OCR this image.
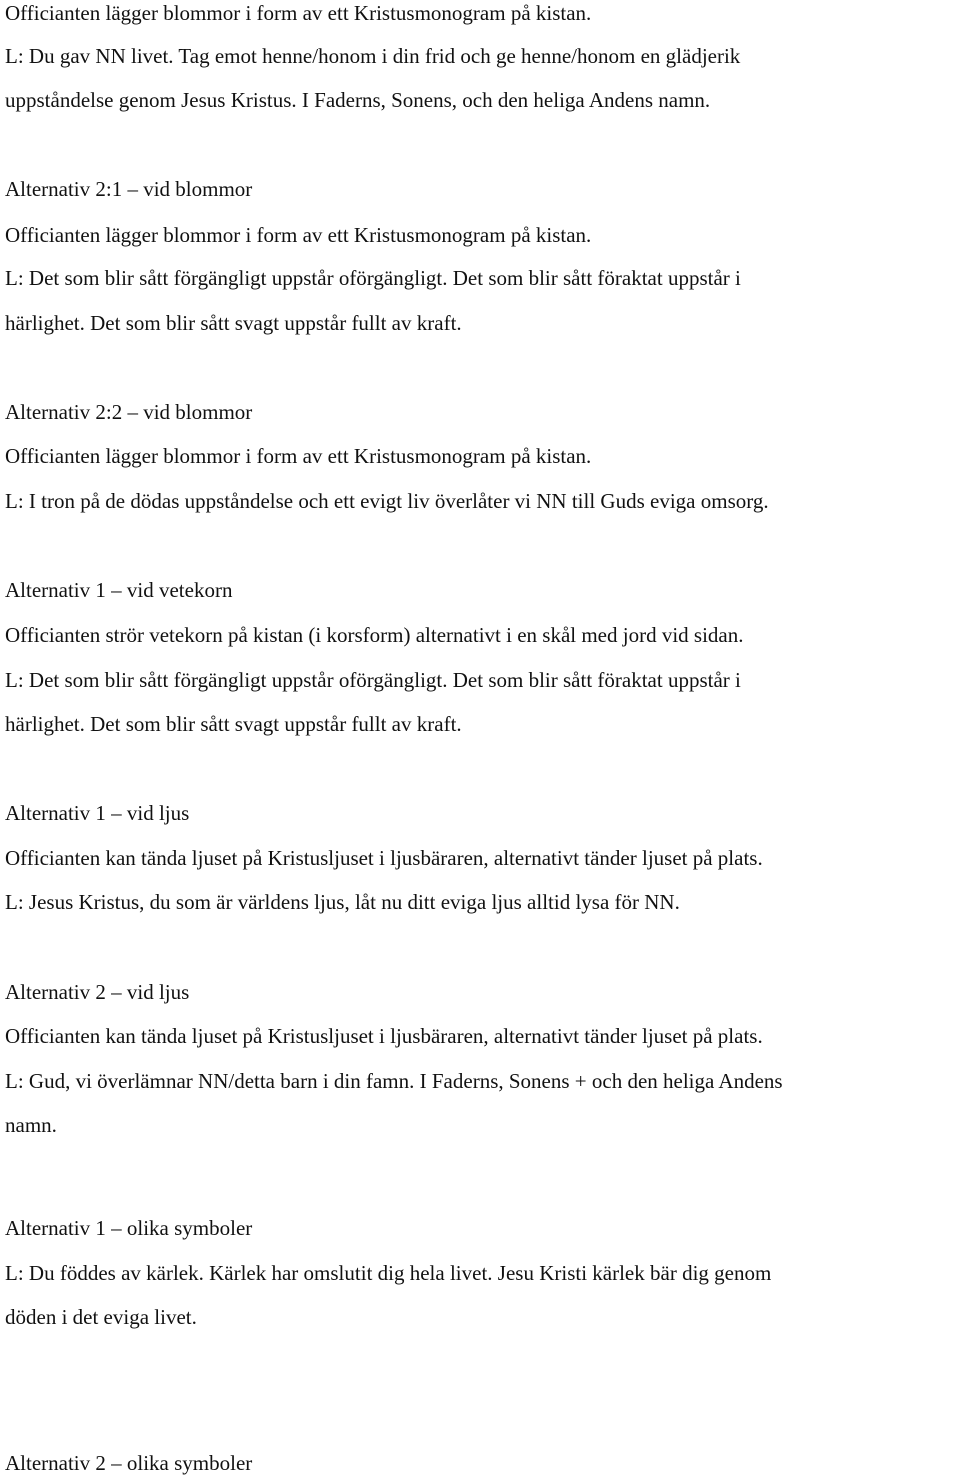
Officianten lägger blommor i form av ett Kristusmonogram på kistan.

L: Du gav NN livet. Tag emot henne/honom i din frid och ge henne/honom en glädjerik

uppståndelse genom Jesus Kristus. I Faderns, Sonens, och den heliga Andens namn.

Alternativ 2:1 – vid blommor

Officianten lägger blommor i form av ett Kristusmonogram på kistan.

L: Det som blir sått förgängligt uppstår oförgängligt. Det som blir sått föraktat uppstår i

härlighet. Det som blir sått svagt uppstår fullt av kraft.

Alternativ 2:2 – vid blommor

Officianten lägger blommor i form av ett Kristusmonogram på kistan.

L: I tron på de dödas uppståndelse och ett evigt liv överlåter vi NN till Guds eviga omsorg.

Alternativ 1 – vid vetekorn

Officianten strör vetekorn på kistan (i korsform) alternativt i en skål med jord vid sidan.

L: Det som blir sått förgängligt uppstår oförgängligt. Det som blir sått föraktat uppstår i

härlighet. Det som blir sått svagt uppstår fullt av kraft.

Alternativ 1 – vid ljus

Officianten kan tända ljuset på Kristusljuset i ljusbäraren, alternativt tänder ljuset på plats.

L: Jesus Kristus, du som är världens ljus, låt nu ditt eviga ljus alltid lysa för NN.

Alternativ 2 – vid ljus

Officianten kan tända ljuset på Kristusljuset i ljusbäraren, alternativt tänder ljuset på plats.

L: Gud, vi överlämnar NN/detta barn i din famn. I Faderns, Sonens + och den heliga Andens

namn.

Alternativ 1 – olika symboler

L: Du föddes av kärlek. Kärlek har omslutit dig hela livet. Jesu Kristi kärlek bär dig genom

döden i det eviga livet.

Alternativ 2 – olika symboler
